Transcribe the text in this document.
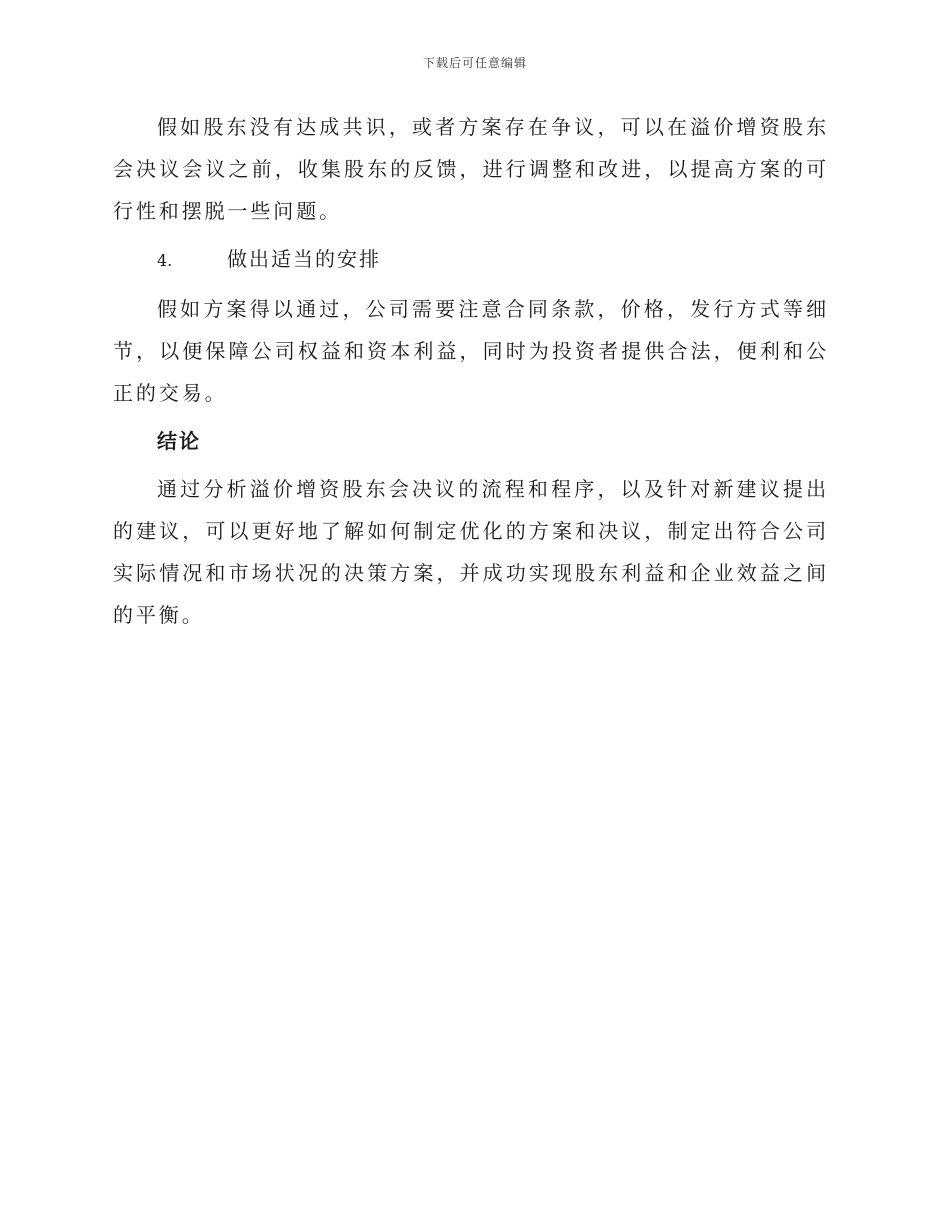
下载后可任意编辑

假如股东没有达成共识，或者方案存在争议，可以在溢价增资股东会决议会议之前，收集股东的反馈，进行调整和改进，以提高方案的可行性和摆脱一些问题。

4.	做出适当的安排

假如方案得以通过，公司需要注意合同条款，价格，发行方式等细节，以便保障公司权益和资本利益，同时为投资者提供合法，便利和公正的交易。

结论

通过分析溢价增资股东会决议的流程和程序，以及针对新建议提出的建议，可以更好地了解如何制定优化的方案和决议，制定出符合公司实际情况和市场状况的决策方案，并成功实现股东利益和企业效益之间的平衡。
